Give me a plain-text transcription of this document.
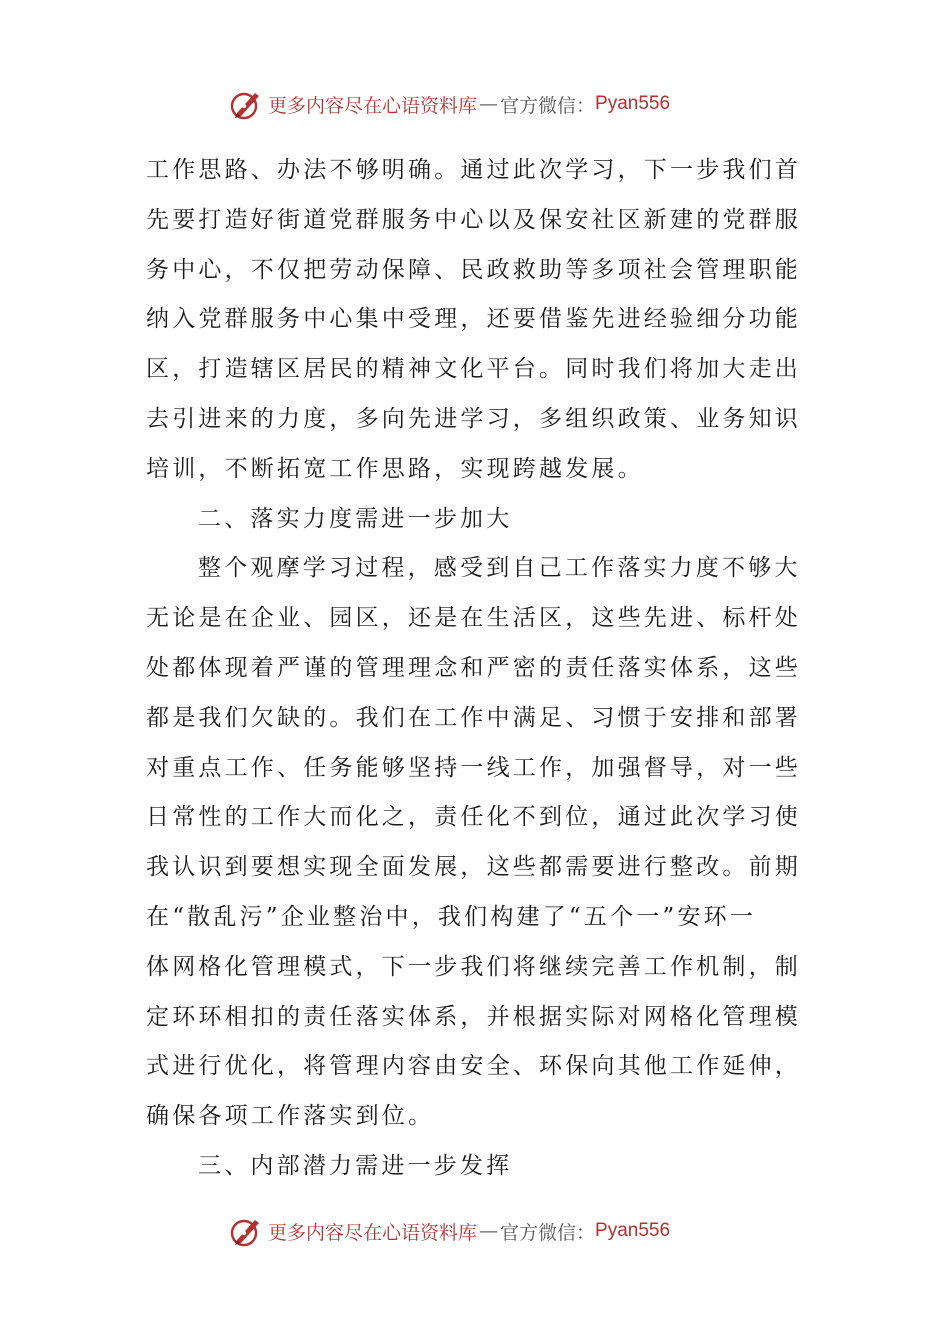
更多内容尽在心语资料库 — 官方微信： Pyan556
工作思路、办法不够明确。通过此次学习，下一步我们首
先要打造好街道党群服务中心以及保安社区新建的党群服
务中心，不仅把劳动保障、民政救助等多项社会管理职能
纳入党群服务中心集中受理，还要借鉴先进经验细分功能
区，打造辖区居民的精神文化平台。同时我们将加大走出
去引进来的力度，多向先进学习，多组织政策、业务知识
培训，不断拓宽工作思路，实现跨越发展。
二、落实力度需进一步加大
整个观摩学习过程，感受到自己工作落实力度不够大
无论是在企业、园区，还是在生活区，这些先进、标杆处
处都体现着严谨的管理理念和严密的责任落实体系，这些
都是我们欠缺的。我们在工作中满足、习惯于安排和部署
对重点工作、任务能够坚持一线工作，加强督导，对一些
日常性的工作大而化之，责任化不到位，通过此次学习使
我认识到要想实现全面发展，这些都需要进行整改。前期
在“散乱污”企业整治中，我们构建了“五个一”安环一
体网格化管理模式，下一步我们将继续完善工作机制，制
定环环相扣的责任落实体系，并根据实际对网格化管理模
式进行优化，将管理内容由安全、环保向其他工作延伸，
确保各项工作落实到位。
三、内部潜力需进一步发挥
更多内容尽在心语资料库 — 官方微信： Pyan556
